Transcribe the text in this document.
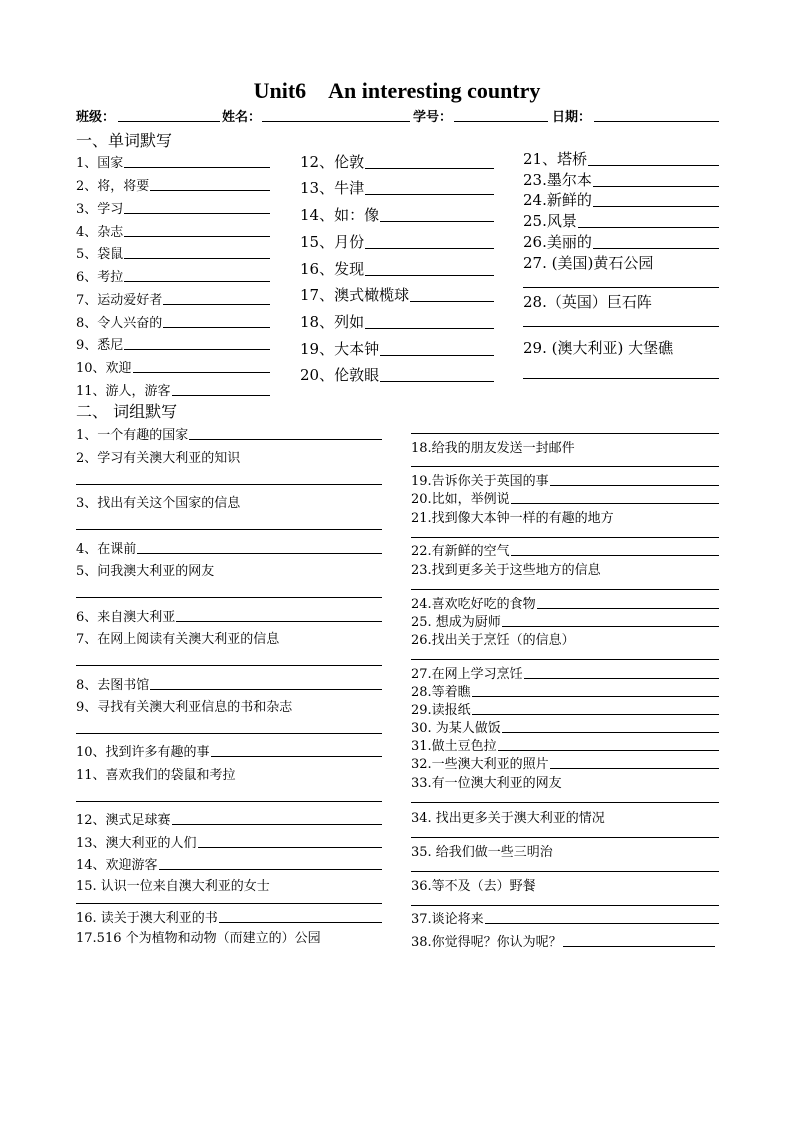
Unit6 An interesting country
班级：	姓名：	学号：	日期：
一、单词默写
1、国家
2、将，将要
3、学习
4、杂志
5、袋鼠
6、考拉
7、运动爱好者
8、令人兴奋的
9、悉尼
10、欢迎
11、游人，游客
12、伦敦
13、牛津
14、如：像
15、月份
16、发现
17、澳式橄榄球
18、列如
19、大本钟
20、伦敦眼
21、塔桥
23.墨尔本
24.新鲜的
25.风景
26.美丽的
27. (美国)黄石公园
28.（英国）巨石阵
29. (澳大利亚) 大堡礁
二、 词组默写
1、一个有趣的国家
2、学习有关澳大利亚的知识
3、找出有关这个国家的信息
4、在课前
5、问我澳大利亚的网友
6、来自澳大利亚
7、在网上阅读有关澳大利亚的信息
8、去图书馆
9、寻找有关澳大利亚信息的书和杂志
10、找到许多有趣的事
11、喜欢我们的袋鼠和考拉
12、澳式足球赛
13、澳大利亚的人们
14、欢迎游客
15. 认识一位来自澳大利亚的女士
16. 读关于澳大利亚的书
17.516 个为植物和动物（而建立的）公园
18.给我的朋友发送一封邮件
19.告诉你关于英国的事
20.比如，举例说
21.找到像大本钟一样的有趣的地方
22.有新鲜的空气
23.找到更多关于这些地方的信息
24.喜欢吃好吃的食物
25. 想成为厨师
26.找出关于烹饪（的信息）
27.在网上学习烹饪
28.等着瞧
29.读报纸
30. 为某人做饭
31.做土豆色拉
32.一些澳大利亚的照片
33.有一位澳大利亚的网友
34. 找出更多关于澳大利亚的情况
35. 给我们做一些三明治
36.等不及（去）野餐
37.谈论将来
38.你觉得呢？你认为呢？
